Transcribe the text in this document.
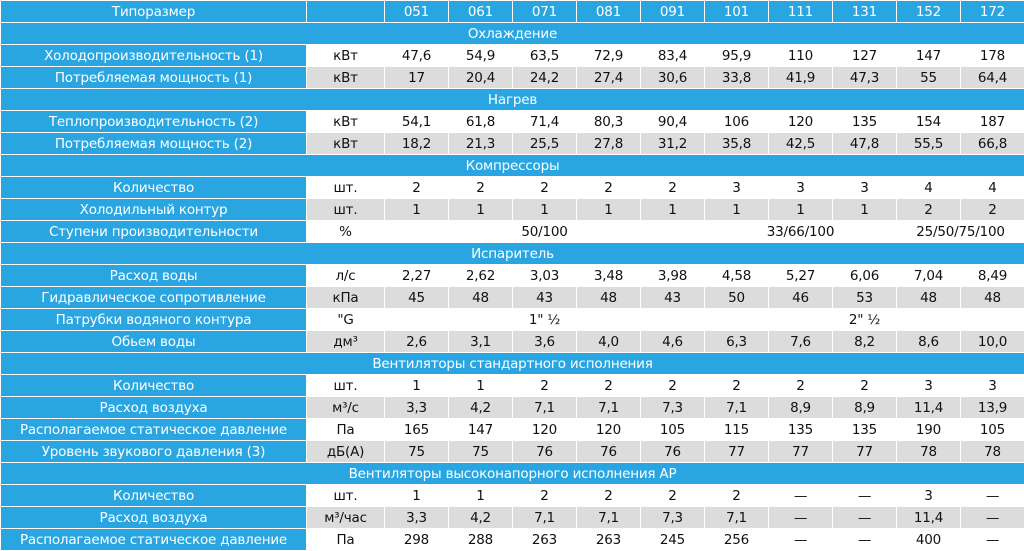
Типоразмер		051	061	071	081	091	101	111	131	152	172
Охлаждение											
Холодопроизводительность (1)	кВт	47,6	54,9	63,5	72,9	83,4	95,9	110	127	147	178
Потребляемая мощность (1)	кВт	17	20,4	24,2	27,4	30,6	33,8	41,9	47,3	55	64,4
Нагрев											
Теплопроизводительность (2)	кВт	54,1	61,8	71,4	80,3	90,4	106	120	135	154	187
Потребляемая мощность (2)	кВт	18,2	21,3	25,5	27,8	31,2	35,8	42,5	47,8	55,5	66,8
Компрессоры											
Количество	шт.	2	2	2	2	2	3	3	3	4	4
Холодильный контур	шт.	1	1	1	1	1	1	1	1	2	2
Ступени производительности	%	50/100					33/66/100			25/50/75/100	
Испаритель											
Расход воды	л/с	2,27	2,62	3,03	3,48	3,98	4,58	5,27	6,06	7,04	8,49
Гидравлическое сопротивление	кПа	45	48	43	48	43	50	46	53	48	48
Патрубки водяного контура	"G	1" ½					2" ½				
Обьем воды	дм³	2,6	3,1	3,6	4,0	4,6	6,3	7,6	8,2	8,6	10,0
Вентиляторы стандартного исполнения											
Количество	шт.	1	1	2	2	2	2	2	2	3	3
Расход воздуха	м³/с	3,3	4,2	7,1	7,1	7,3	7,1	8,9	8,9	11,4	13,9
Располагаемое статическое давление	Па	165	147	120	120	105	115	135	135	190	105
Уровень звукового давления (3)	дБ(А)	75	75	76	76	76	77	77	77	78	78
Вентиляторы высоконапорного исполнения АР											
Количество	шт.	1	1	2	2	2	2	—	—	3	—
Расход воздуха	м³/час	3,3	4,2	7,1	7,1	7,3	7,1	—	—	11,4	—
Располагаемое статическое давление	Па	298	288	263	263	245	256	—	—	400	—
